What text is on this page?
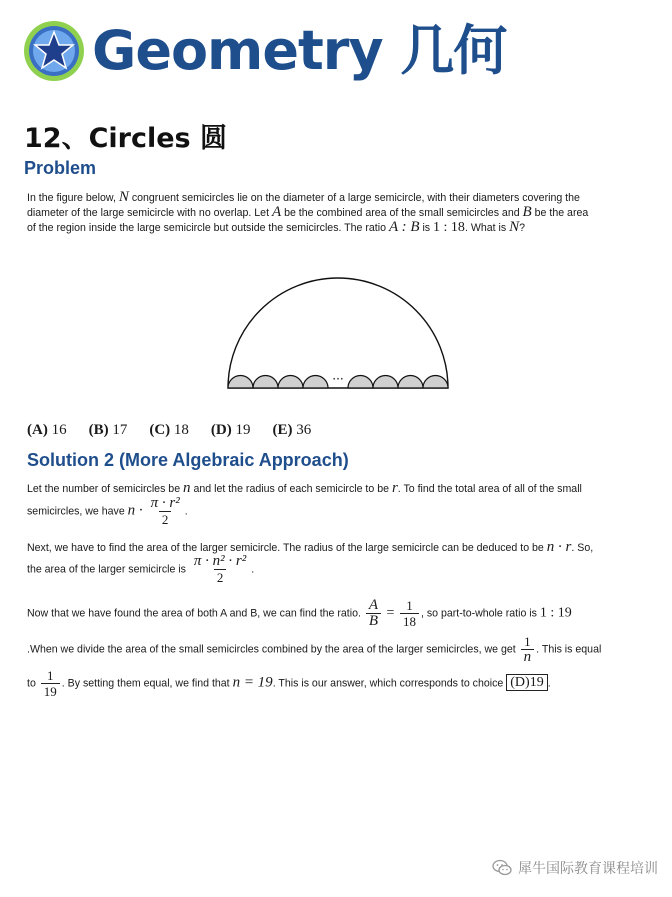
Geometry 几何
12、Circles 圆
Problem
In the figure below, N congruent semicircles lie on the diameter of a large semicircle, with their diameters covering the
diameter of the large semicircle with no overlap. Let A be the combined area of the small semicircles and B be the area
of the region inside the large semicircle but outside the semicircles. The ratio A : B is 1 : 18. What is N?
···
(A) 16 (B) 17 (C) 18 (D) 19 (E) 36
Solution 2 (More Algebraic Approach)
Let the number of semicircles be n and let the radius of each semicircle to be r. To find the total area of all of the small
semicircles, we have $n \cdot \frac{\text{π · r²}}{2}$ .
Next, we have to find the area of the larger semicircle. The radius of the large semicircle can be deduced to be n · r. So,
the area of the larger semicircle is $\frac{\text{π · n² · r²}}{2}$ .
Now that we have found the area of both A and B, we can find the ratio. $\frac{A}{B} = \frac{1}{18}$ , so part-to-whole ratio is 1 : 19
.When we divide the area of the small semicircles combined by the area of the larger semicircles, we get $\frac{1}{n}$ . This is equal
to $\frac{1}{19}$ . By setting them equal, we find that n = 19. This is our answer, which corresponds to choice (D)19 .
犀牛国际教育课程培训
